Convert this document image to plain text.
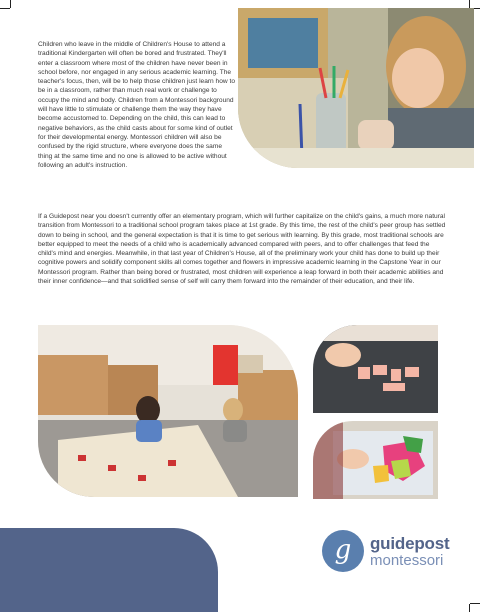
Children who leave in the middle of Children's House to attend a traditional Kindergarten will often be bored and frustrated. They'll enter a classroom where most of the children have never been in school before, nor engaged in any serious academic learning. The teacher's focus, then, will be to help those children just learn how to be in a classroom, rather than much real work or challenge to occupy the mind and body. Children from a Montessori background will have little to stimulate or challenge them the way they have become accustomed to. Depending on the child, this can lead to negative behaviors, as the child casts about for some kind of outlet for their developmental energy. Montessori children will also be confused by the rigid structure, where everyone does the same thing at the same time and no one is allowed to be active without following an adult's instruction.

If a Guidepost near you doesn't currently offer an elementary program, which will further capitalize on the child's gains, a much more natural transition from Montessori to a traditional school program takes place at 1st grade. By this time, the rest of the child's peer group has settled down to being in school, and the general expectation is that it is time to get serious with learning. By this grade, most traditional schools are better equipped to meet the needs of a child who is academically advanced compared with peers, and to offer challenges that feed the child's mind and energies. Meanwhile, in that last year of Children's House, all of the preliminary work your child has done to build up their cognitive powers and solidify component skills all comes together and flowers in impressive academic learning in the Capstone Year in our Montessori program. Rather than being bored or frustrated, most children will experience a leap forward in both their academic abilities and their inner confidence—and that solidified sense of self will carry them forward into the remainder of their education, and their life.

g	guidepost
montessori
